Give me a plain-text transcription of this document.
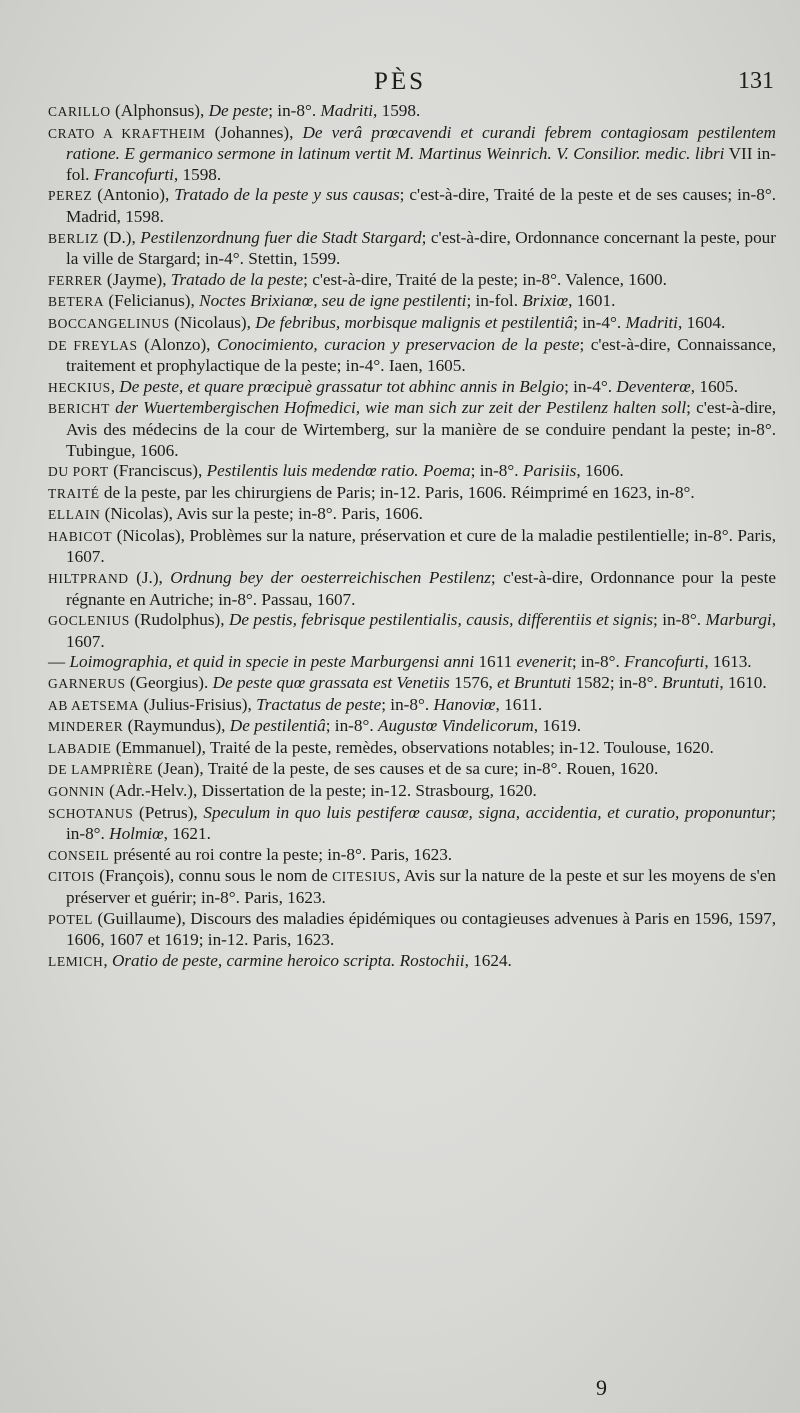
PÈS	131

CARILLO (Alphonsus), De peste; in-8°. Madriti, 1598.

CRATO A KRAFTHEIM (Johannes), De verâ prœcavendi et curandi febrem contagiosam pestilentem ratione. E germanico sermone in latinum vertit M. Martinus Weinrich. V. Consilior. medic. libri VII in-fol. Francofurti, 1598.

PEREZ (Antonio), Tratado de la peste y sus causas; c'est-à-dire, Traité de la peste et de ses causes; in-8°. Madrid, 1598.

BERLIZ (D.), Pestilenzordnung fuer die Stadt Stargard; c'est-à-dire, Ordonnance concernant la peste, pour la ville de Stargard; in-4°. Stettin, 1599.

FERRER (Jayme), Tratado de la peste; c'est-à-dire, Traité de la peste; in-8°. Valence, 1600.

BETERA (Felicianus), Noctes Brixianœ, seu de igne pestilenti; in-fol. Brixiœ, 1601.

BOCCANGELINUS (Nicolaus), De febribus, morbisque malignis et pestilentiâ; in-4°. Madriti, 1604.

DE FREYLAS (Alonzo), Conocimiento, curacion y preservacion de la peste; c'est-à-dire, Connaissance, traitement et prophylactique de la peste; in-4°. Iaen, 1605.

HECKIUS, De peste, et quare prœcipuè grassatur tot abhinc annis in Belgio; in-4°. Deventerœ, 1605.

BERICHT der Wuertembergischen Hofmedici, wie man sich zur zeit der Pestilenz halten soll; c'est-à-dire, Avis des médecins de la cour de Wirtemberg, sur la manière de se conduire pendant la peste; in-8°. Tubingue, 1606.

DU PORT (Franciscus), Pestilentis luis medendœ ratio. Poema; in-8°. Parisiis, 1606.

TRAITÉ de la peste, par les chirurgiens de Paris; in-12. Paris, 1606. Réimprimé en 1623, in-8°.

ELLAIN (Nicolas), Avis sur la peste; in-8°. Paris, 1606.

HABICOT (Nicolas), Problèmes sur la nature, préservation et cure de la maladie pestilentielle; in-8°. Paris, 1607.

HILTPRAND (J.), Ordnung bey der oesterreichischen Pestilenz; c'est-à-dire, Ordonnance pour la peste régnante en Autriche; in-8°. Passau, 1607.

GOCLENIUS (Rudolphus), De pestis, febrisque pestilentialis, causis, differentiis et signis; in-8°. Marburgi, 1607.

— Loimographia, et quid in specie in peste Marburgensi anni 1611 evenerit; in-8°. Francofurti, 1613.

GARNERUS (Georgius). De peste quœ grassata est Venetiis 1576, et Bruntuti 1582; in-8°. Bruntuti, 1610.

AB AETSEMA (Julius-Frisius), Tractatus de peste; in-8°. Hanoviœ, 1611.

MINDERER (Raymundus), De pestilentiâ; in-8°. Augustœ Vindelicorum, 1619.

LABADIE (Emmanuel), Traité de la peste, remèdes, observations notables; in-12. Toulouse, 1620.

DE LAMPRIÈRE (Jean), Traité de la peste, de ses causes et de sa cure; in-8°. Rouen, 1620.

GONNIN (Adr.-Helv.), Dissertation de la peste; in-12. Strasbourg, 1620.

SCHOTANUS (Petrus), Speculum in quo luis pestiferœ causœ, signa, accidentia, et curatio, proponuntur; in-8°. Holmiœ, 1621.

CONSEIL présenté au roi contre la peste; in-8°. Paris, 1623.

CITOIS (François), connu sous le nom de CITESIUS, Avis sur la nature de la peste et sur les moyens de s'en préserver et guérir; in-8°. Paris, 1623.

POTEL (Guillaume), Discours des maladies épidémiques ou contagieuses advenues à Paris en 1596, 1597, 1606, 1607 et 1619; in-12. Paris, 1623.

LEMICH, Oratio de peste, carmine heroico scripta. Rostochii, 1624.

9
